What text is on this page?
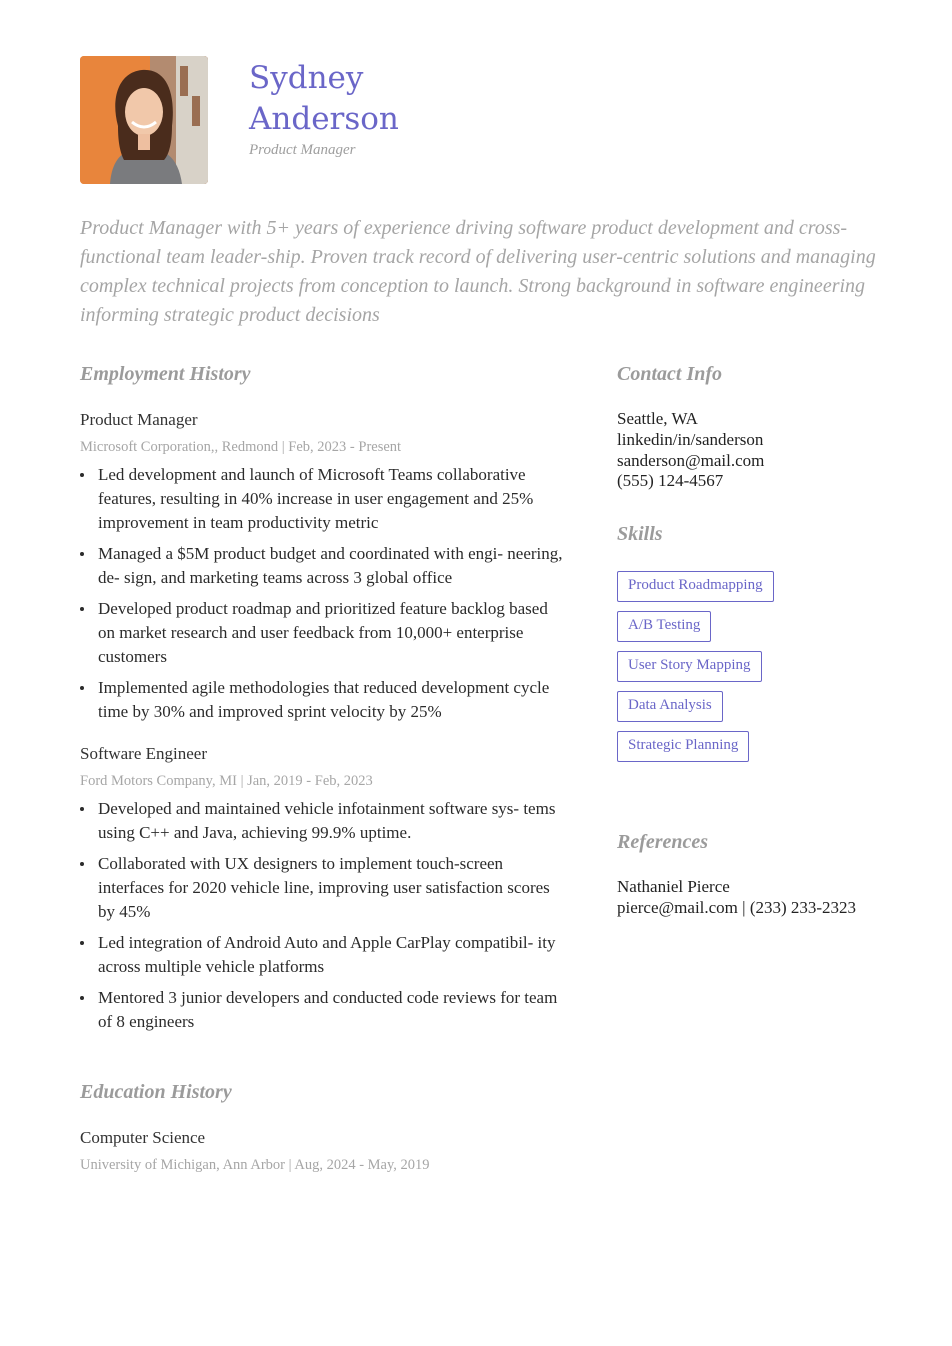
Sydney
Anderson
Product Manager
Product Manager with 5+ years of experience driving software product development and cross-functional team leader-ship. Proven track record of delivering user-centric solutions and managing complex technical projects from conception to launch. Strong background in software engineering informing strategic product decisions
Employment History
Product Manager
Microsoft Corporation,, Redmond | Feb, 2023 - Present
Led development and launch of Microsoft Teams collaborative features, resulting in 40% increase in user engagement and 25% improvement in team productivity metric
Managed a $5M product budget and coordinated with engi- neering, de- sign, and marketing teams across 3 global office
Developed product roadmap and prioritized feature backlog based on market research and user feedback from 10,000+ enterprise customers
Implemented agile methodologies that reduced development cycle time by 30% and improved sprint velocity by 25%
Software Engineer
Ford Motors Company, MI | Jan, 2019 - Feb, 2023
Developed and maintained vehicle infotainment software sys- tems using C++ and Java, achieving 99.9% uptime.
Collaborated with UX designers to implement touch-screen interfaces for 2020 vehicle line, improving user satisfaction scores by 45%
Led integration of Android Auto and Apple CarPlay compatibil- ity across multiple vehicle platforms
Mentored 3 junior developers and conducted code reviews for team of 8 engineers
Education History
Computer Science
University of Michigan, Ann Arbor | Aug, 2024 - May, 2019
Contact Info
Seattle, WA
linkedin/in/sanderson
sanderson@mail.com
(555) 124-4567
Skills
Product Roadmapping
A/B Testing
User Story Mapping
Data Analysis
Strategic Planning
References
Nathaniel Pierce
pierce@mail.com | (233) 233-2323
